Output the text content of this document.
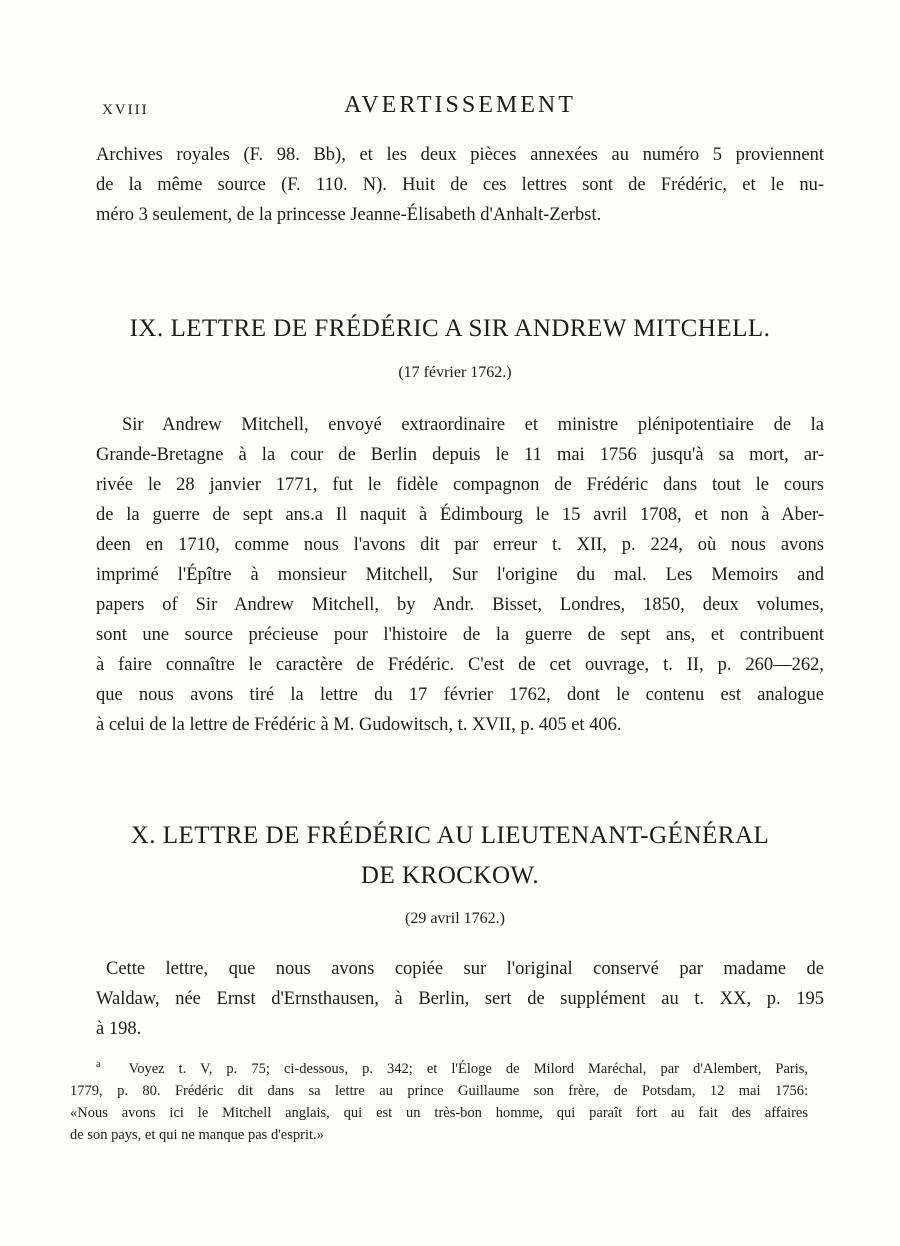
XVIII	AVERTISSEMENT
Archives royales (F. 98. Bb), et les deux pièces annexées au numéro 5 proviennent
de la même source (F. 110. N). Huit de ces lettres sont de Frédéric, et le nu-
méro 3 seulement, de la princesse Jeanne-Élisabeth d'Anhalt-Zerbst.
IX. LETTRE DE FRÉDÉRIC A SIR ANDREW MITCHELL.
(17 février 1762.)
Sir Andrew Mitchell, envoyé extraordinaire et ministre plénipotentiaire de la
Grande-Bretagne à la cour de Berlin depuis le 11 mai 1756 jusqu'à sa mort, ar-
rivée le 28 janvier 1771, fut le fidèle compagnon de Frédéric dans tout le cours
de la guerre de sept ans.a Il naquit à Édimbourg le 15 avril 1708, et non à Aber-
deen en 1710, comme nous l'avons dit par erreur t. XII, p. 224, où nous avons
imprimé l'Épître à monsieur Mitchell, Sur l'origine du mal. Les Memoirs and
papers of Sir Andrew Mitchell, by Andr. Bisset, Londres, 1850, deux volumes,
sont une source précieuse pour l'histoire de la guerre de sept ans, et contribuent
à faire connaître le caractère de Frédéric. C'est de cet ouvrage, t. II, p. 260—262,
que nous avons tiré la lettre du 17 février 1762, dont le contenu est analogue
à celui de la lettre de Frédéric à M. Gudowitsch, t. XVII, p. 405 et 406.
X. LETTRE DE FRÉDÉRIC AU LIEUTENANT-GÉNÉRAL
DE KROCKOW.
(29 avril 1762.)
Cette lettre, que nous avons copiée sur l'original conservé par madame de
Waldaw, née Ernst d'Ernsthausen, à Berlin, sert de supplément au t. XX, p. 195
à 198.
$^a$ Voyez t. V, p. 75; ci-dessous, p. 342; et l'Éloge de Milord Maréchal, par d'Alembert, Paris,
1779, p. 80. Frédéric dit dans sa lettre au prince Guillaume son frère, de Potsdam, 12 mai 1756:
«Nous avons ici le Mitchell anglais, qui est un très-bon homme, qui paraît fort au fait des affaires
de son pays, et qui ne manque pas d'esprit.»
